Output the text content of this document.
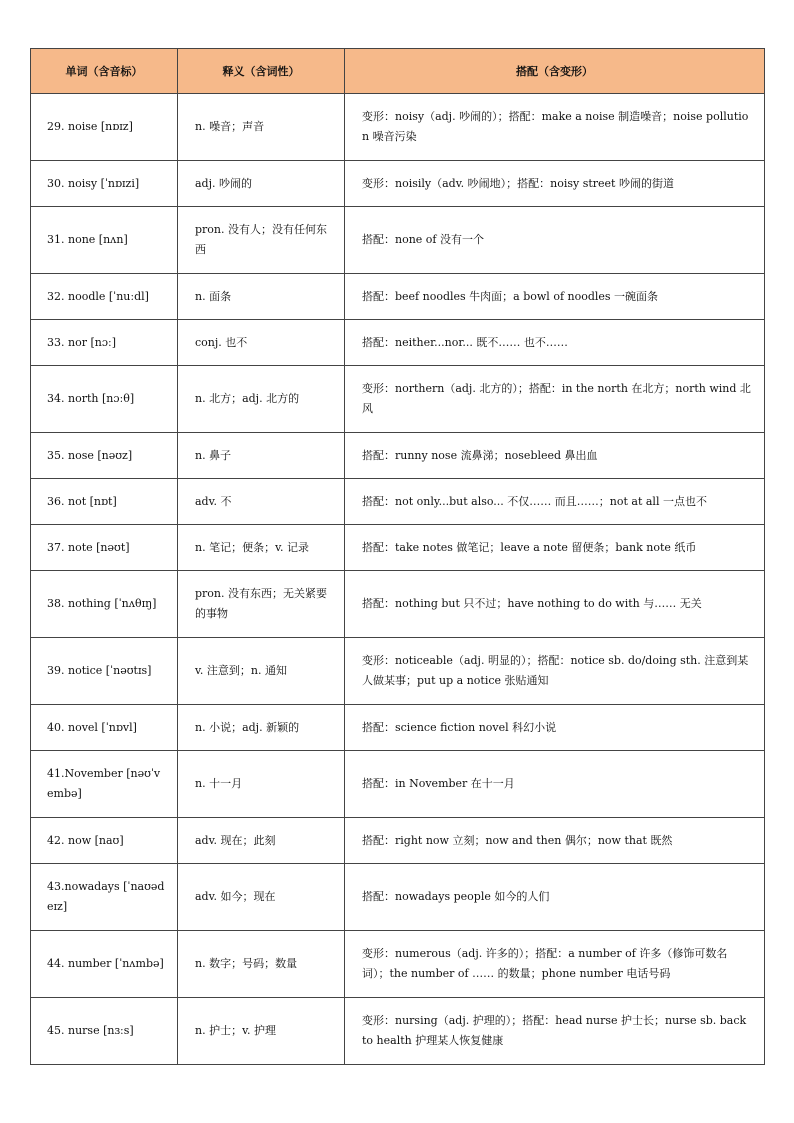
单词（含音标）	释义（含词性）	搭配（含变形）
29. noise [nɒɪz]	n. 噪音；声音	变形：noisy（adj. 吵闹的）；搭配：make a noise 制造噪音；noise pollution 噪音污染
30. noisy [ˈnɒɪzi]	adj. 吵闹的	变形：noisily（adv. 吵闹地）；搭配：noisy street 吵闹的街道
31. none [nʌn]	pron. 没有人；没有任何东西	搭配：none of 没有一个
32. noodle [ˈnuːdl]	n. 面条	搭配：beef noodles 牛肉面；a bowl of noodles 一碗面条
33. nor [nɔː]	conj. 也不	搭配：neither...nor... 既不…… 也不……
34. north [nɔːθ]	n. 北方；adj. 北方的	变形：northern（adj. 北方的）；搭配：in the north 在北方；north wind 北风
35. nose [nəʊz]	n. 鼻子	搭配：runny nose 流鼻涕；nosebleed 鼻出血
36. not [nɒt]	adv. 不	搭配：not only...but also... 不仅…… 而且……；not at all 一点也不
37. note [nəʊt]	n. 笔记；便条；v. 记录	搭配：take notes 做笔记；leave a note 留便条；bank note 纸币
38. nothing [ˈnʌθɪŋ]	pron. 没有东西；无关紧要的事物	搭配：nothing but 只不过；have nothing to do with 与…… 无关
39. notice [ˈnəʊtɪs]	v. 注意到；n. 通知	变形：noticeable（adj. 明显的）；搭配：notice sb. do/doing sth. 注意到某人做某事；put up a notice 张贴通知
40. novel [ˈnɒvl]	n. 小说；adj. 新颖的	搭配：science fiction novel 科幻小说
41.November [nəʊˈvembə]	n. 十一月	搭配：in November 在十一月
42. now [naʊ]	adv. 现在；此刻	搭配：right now 立刻；now and then 偶尔；now that 既然
43.nowadays [ˈnaʊədeɪz]	adv. 如今；现在	搭配：nowadays people 如今的人们
44. number [ˈnʌmbə]	n. 数字；号码；数量	变形：numerous（adj. 许多的）；搭配：a number of 许多（修饰可数名词）；the number of …… 的数量；phone number 电话号码
45. nurse [nɜːs]	n. 护士；v. 护理	变形：nursing（adj. 护理的）；搭配：head nurse 护士长；nurse sb. back to health 护理某人恢复健康
